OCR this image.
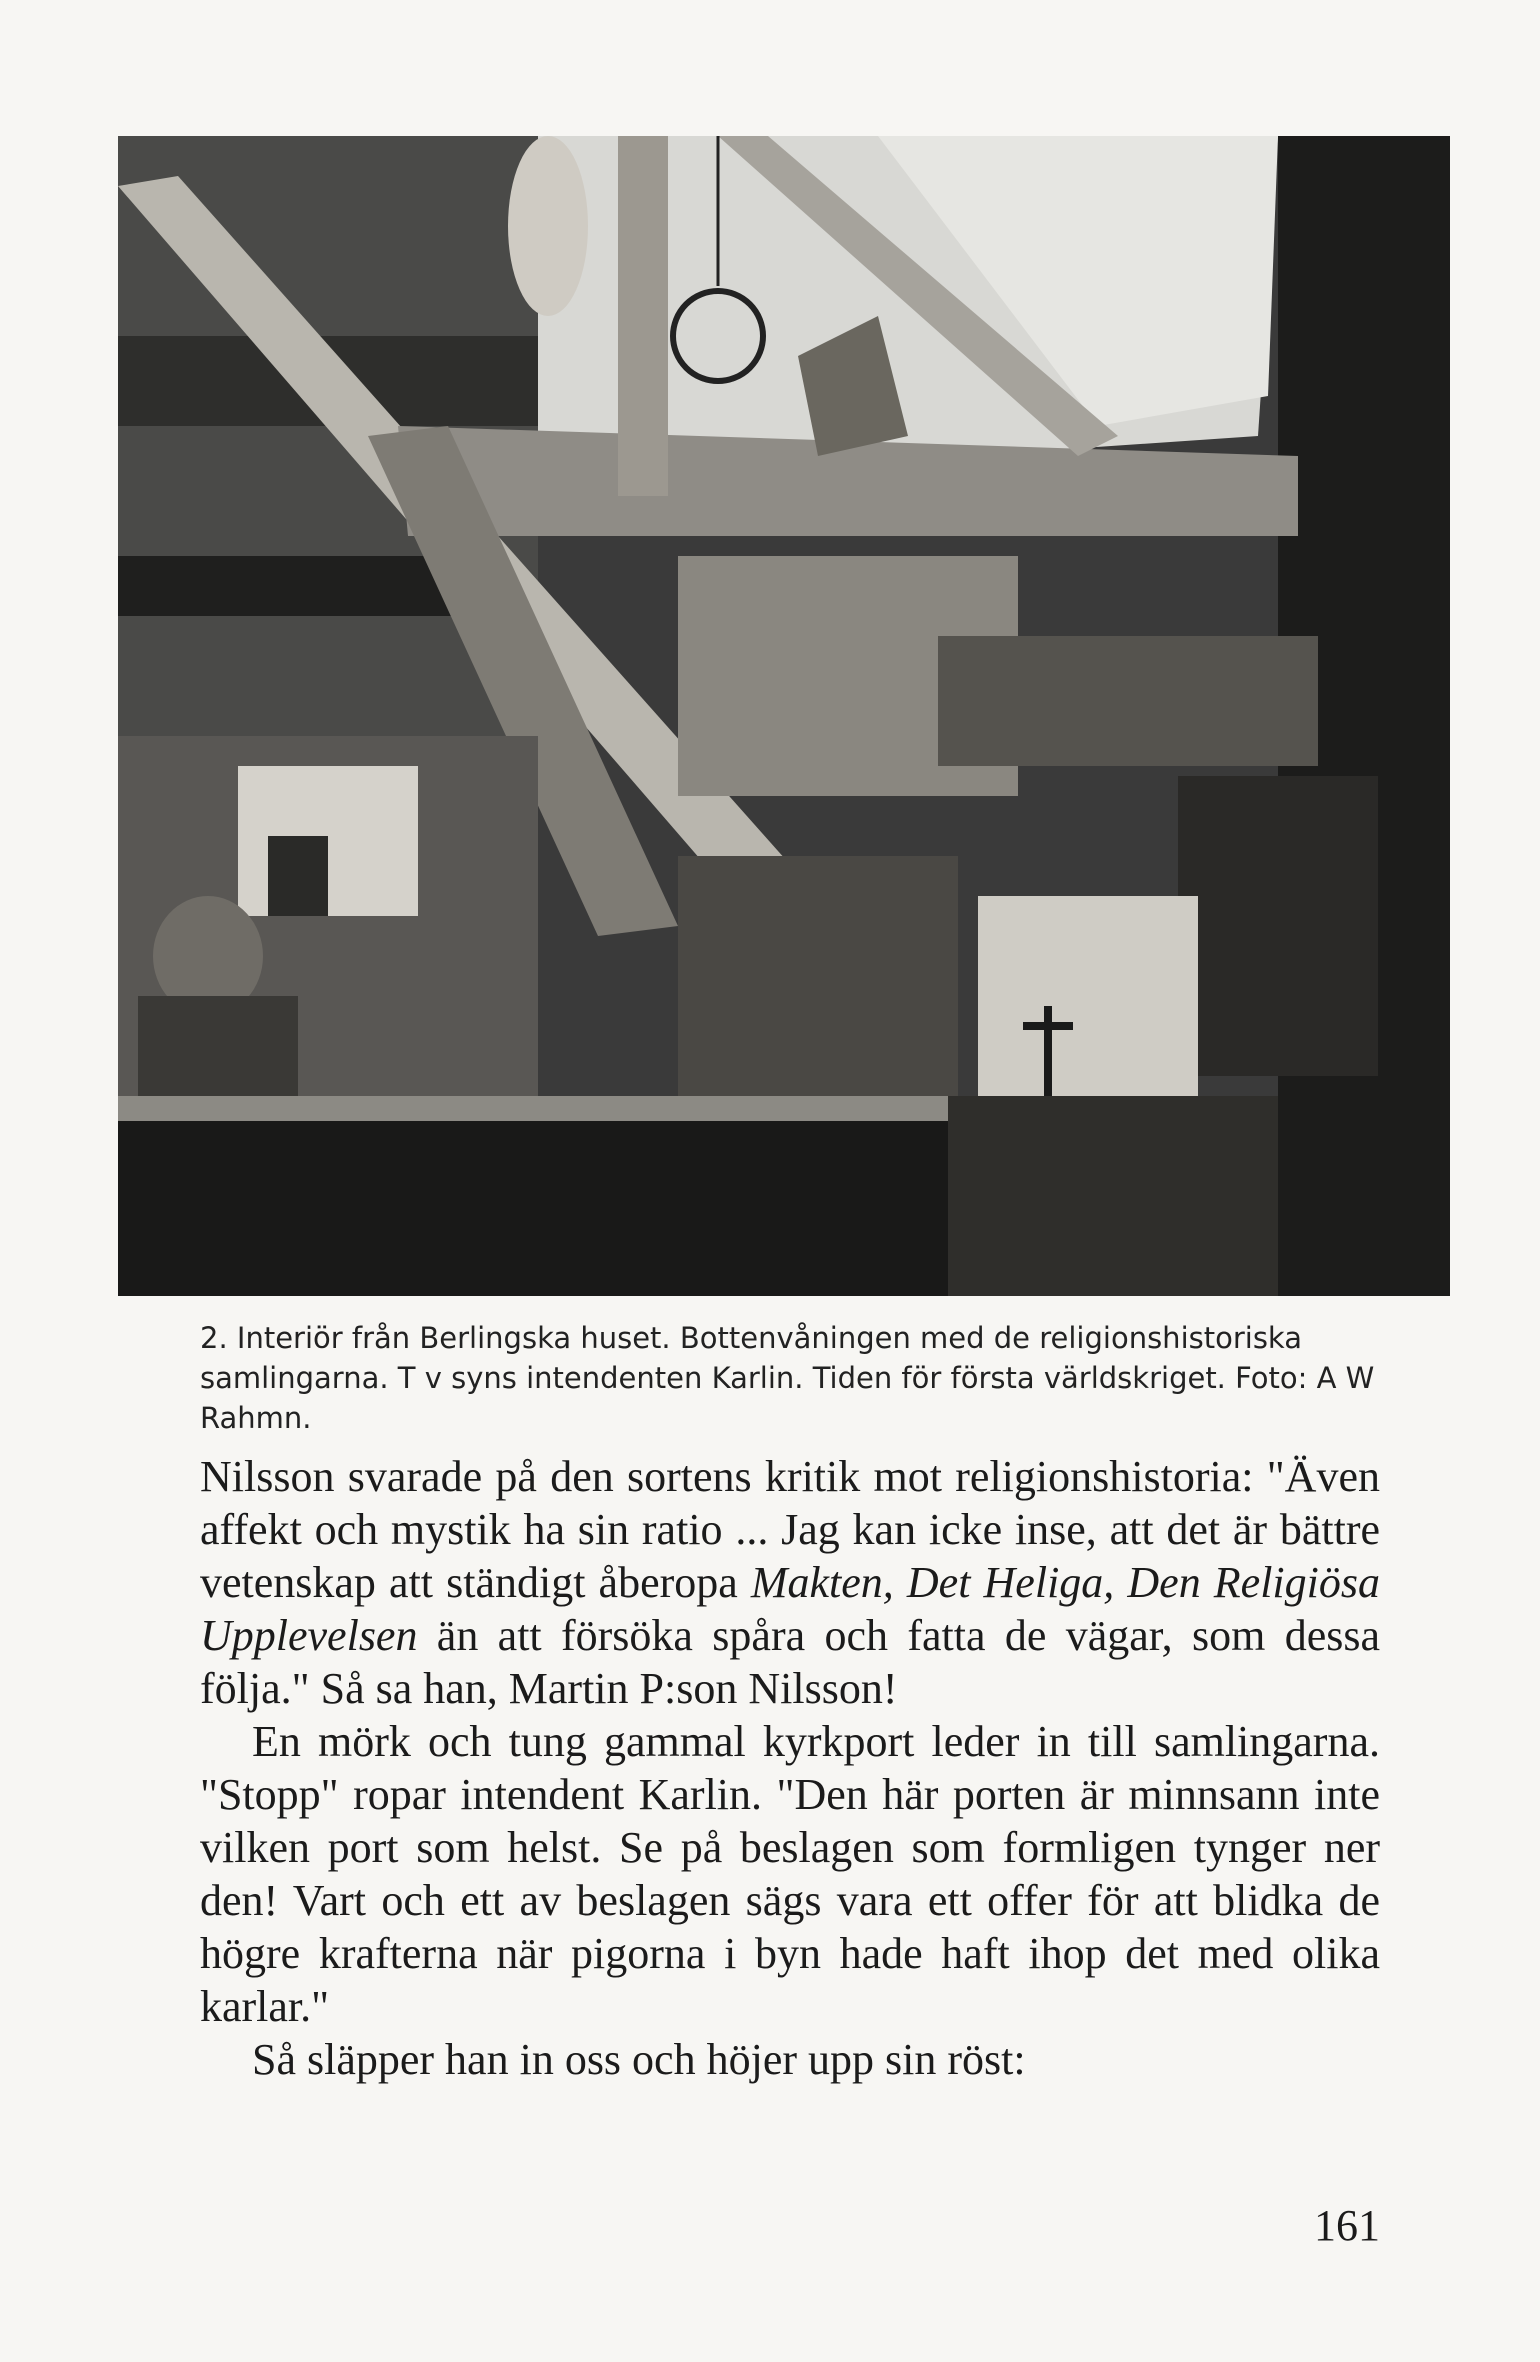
2. Interiör från Berlingska huset. Bottenvåningen med de religionshistoriska samlingarna. T v syns intendenten Karlin. Tiden för första världskriget. Foto: A W Rahmn.

Nilsson svarade på den sortens kritik mot religionshistoria: "Även affekt och mystik ha sin ratio ... Jag kan icke inse, att det är bättre vetenskap att ständigt åberopa Makten, Det Heliga, Den Religiösa Upplevelsen än att försöka spåra och fatta de vägar, som dessa följa." Så sa han, Martin P:son Nilsson!

En mörk och tung gammal kyrkport leder in till samlingarna. "Stopp" ropar intendent Karlin. "Den här porten är minnsann inte vilken port som helst. Se på beslagen som formligen tynger ner den! Vart och ett av beslagen sägs vara ett offer för att blidka de högre krafterna när pigorna i byn hade haft ihop det med olika karlar."

Så släpper han in oss och höjer upp sin röst:

161
